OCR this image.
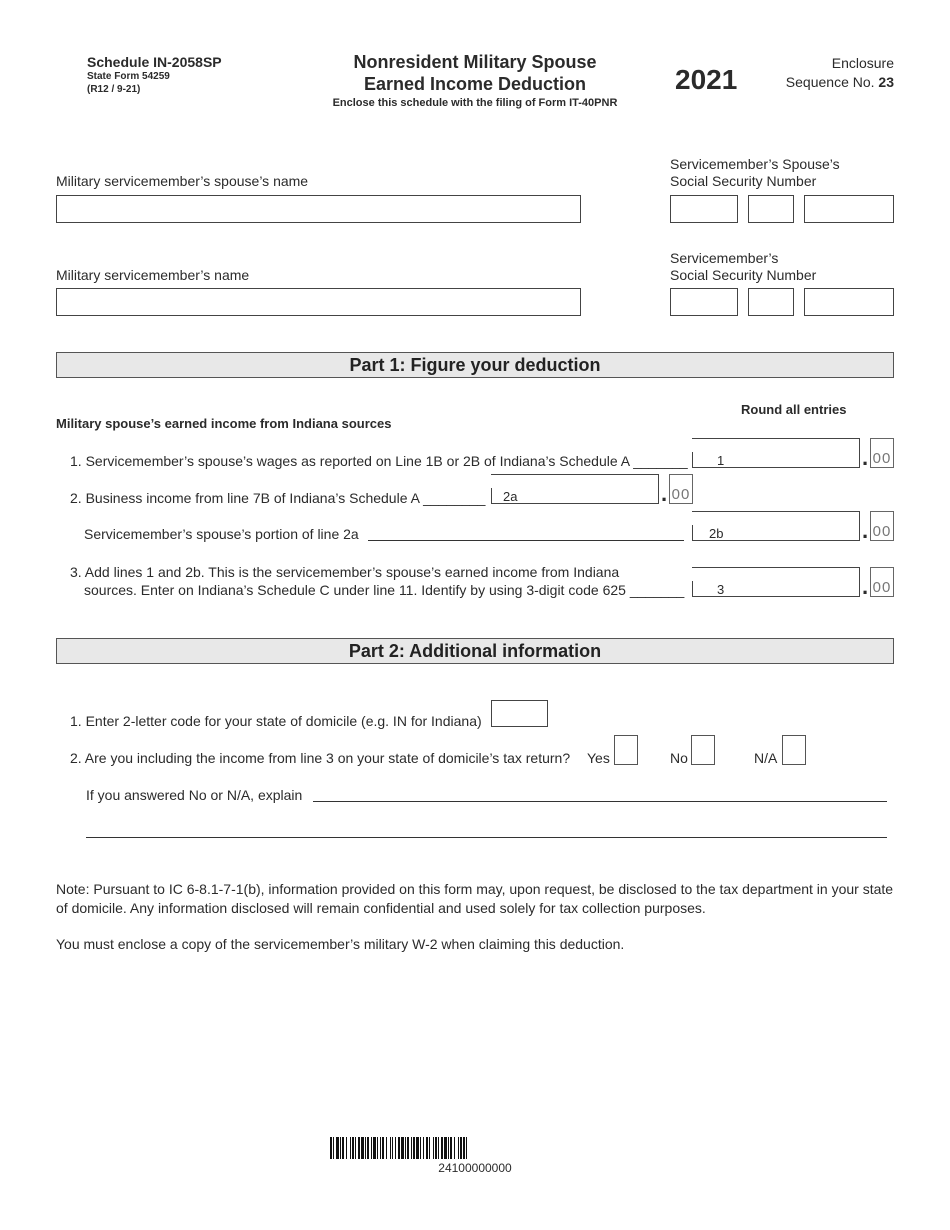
Schedule IN-2058SP
State Form 54259
(R12 / 9-21)
Nonresident Military Spouse
Earned Income Deduction
Enclose this schedule with the filing of Form IT-40PNR
2021
Enclosure
Sequence No. 23
Military servicemember’s spouse’s name
Servicemember’s Spouse’s
Social Security Number
Military servicemember’s name
Servicemember’s
Social Security Number
Part 1: Figure your deduction
Round all entries
Military spouse’s earned income from Indiana sources
1. Servicemember’s spouse’s wages as reported on Line 1B or 2B of Indiana’s Schedule A _______ 1	. 00
2. Business income from line 7B of Indiana’s Schedule A ________ 2a	. 00
Servicemember’s spouse’s portion of line 2a	2b	. 00
3. Add lines 1 and 2b. This is the servicemember’s spouse’s earned income from Indiana
sources. Enter on Indiana’s Schedule C under line 11. Identify by using 3-digit code 625 _______	3	. 00
Part 2: Additional information
1. Enter 2-letter code for your state of domicile (e.g. IN for Indiana)
2. Are you including the income from line 3 on your state of domicile’s tax return? Yes	No	N/A
If you answered No or N/A, explain
Note: Pursuant to IC 6-8.1-7-1(b), information provided on this form may, upon request, be disclosed to the tax department in your state of domicile. Any information disclosed will remain confidential and used solely for tax collection purposes.
You must enclose a copy of the servicemember’s military W-2 when claiming this deduction.
24100000000
